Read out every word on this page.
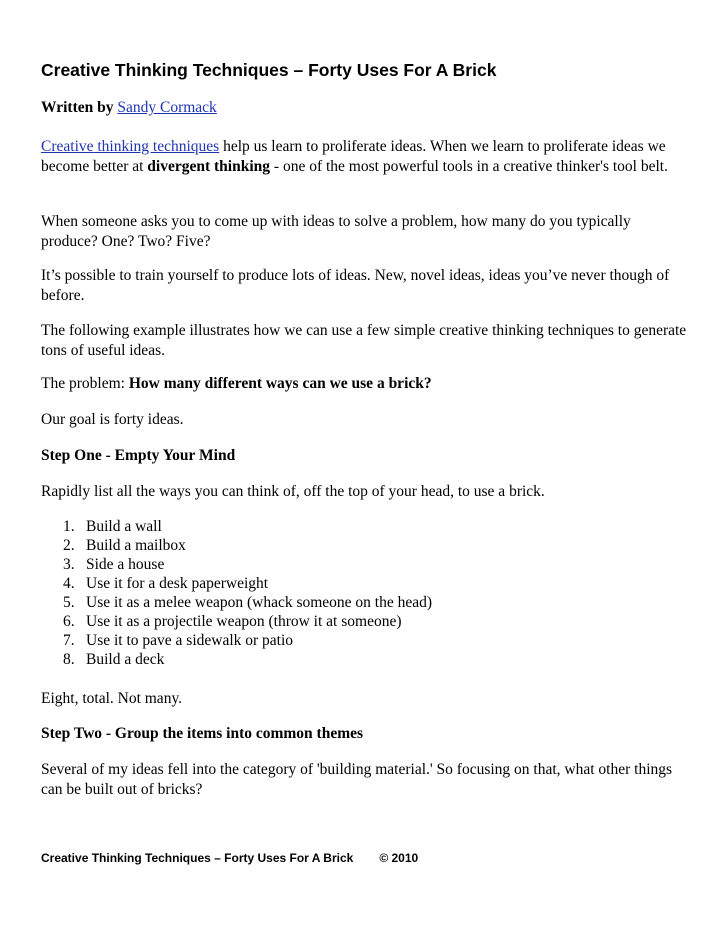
Creative Thinking Techniques – Forty Uses For A Brick

Written by Sandy Cormack

Creative thinking techniques help us learn to proliferate ideas. When we learn to proliferate ideas we become better at divergent thinking - one of the most powerful tools in a creative thinker's tool belt.

When someone asks you to come up with ideas to solve a problem, how many do you typically produce? One? Two? Five?

It’s possible to train yourself to produce lots of ideas. New, novel ideas, ideas you’ve never though of before.

The following example illustrates how we can use a few simple creative thinking techniques to generate tons of useful ideas.

The problem: How many different ways can we use a brick?

Our goal is forty ideas.

Step One - Empty Your Mind

Rapidly list all the ways you can think of, off the top of your head, to use a brick.

1. Build a wall
2. Build a mailbox
3. Side a house
4. Use it for a desk paperweight
5. Use it as a melee weapon (whack someone on the head)
6. Use it as a projectile weapon (throw it at someone)
7. Use it to pave a sidewalk or patio
8. Build a deck

Eight, total. Not many.

Step Two - Group the items into common themes

Several of my ideas fell into the category of 'building material.' So focusing on that, what other things can be built out of bricks?

Creative Thinking Techniques – Forty Uses For A Brick © 2010
